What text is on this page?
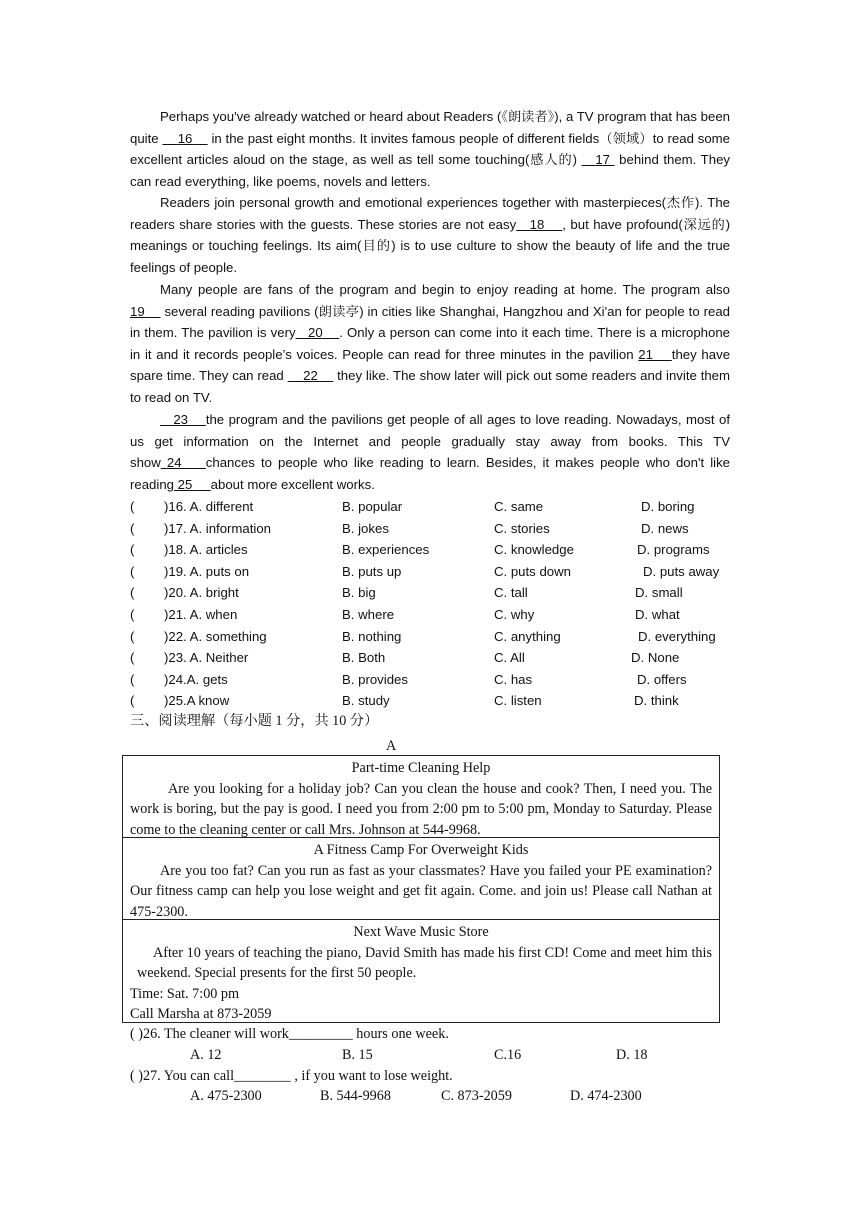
Perhaps you've already watched or heard about Readers (《朗读者》), a TV program that has been quite 16 in the past eight months. It invites famous people of different fields（领域）to read some excellent articles aloud on the stage, as well as tell some touching(感人的) 17 behind them. They can read everything, like poems, novels and letters.

Readers join personal growth and emotional experiences together with masterpieces(杰作). The readers share stories with the guests. These stories are not easy 18 , but have profound(深远的) meanings or touching feelings. Its aim(目的) is to use culture to show the beauty of life and the true feelings of people.

Many people are fans of the program and begin to enjoy reading at home. The program also 19 several reading pavilions (朗读亭) in cities like Shanghai, Hangzhou and Xi'an for people to read in them. The pavilion is very 20 . Only a person can come into it each time. There is a microphone in it and it records people’s voices. People can read for three minutes in the pavilion 21 they have spare time. They can read 22 they like. The show later will pick out some readers and invite them to read on TV.

23 the program and the pavilions get people of all ages to love reading. Nowadays, most of us get information on the Internet and people gradually stay away from books. This TV show 24 chances to people who like reading to learn. Besides, it makes people who don't like reading 25 about more excellent works.

( )16. A. different	B. popular	C. same	D. boring
( )17. A. information	B. jokes	C. stories	D. news
( )18. A. articles	B. experiences	C. knowledge	D. programs
( )19. A. puts on	B. puts up	C. puts down	D. puts away
( )20. A. bright	B. big	C. tall	D. small
( )21. A. when	B. where	C. why	D. what
( )22. A. something	B. nothing	C. anything	D. everything
( )23. A. Neither	B. Both	C. All	D. None
( )24.A. gets	B. provides	C. has	D. offers
( )25.A know	B. study	C. listen	D. think
三、阅读理解（每小题 1 分，共 10 分）
A
Part-time Cleaning Help

Are you looking for a holiday job? Can you clean the house and cook? Then, I need you. The work is boring, but the pay is good. I need you from 2:00 pm to 5:00 pm, Monday to Saturday. Please come to the cleaning center or call Mrs. Johnson at 544-9968.

A Fitness Camp For Overweight Kids

Are you too fat? Can you run as fast as your classmates? Have you failed your PE examination? Our fitness camp can help you lose weight and get fit again. Come. and join us! Please call Nathan at 475-2300.

Next Wave Music Store

After 10 years of teaching the piano, David Smith has made his first CD! Come and meet him this weekend. Special presents for the first 50 people.

Time: Sat. 7:00 pm
Call Marsha at 873-2059
( )26. The cleaner will work_________ hours one week.
A. 12	B. 15	C.16	D. 18
( )27. You can call________ , if you want to lose weight.
A. 475-2300	B. 544-9968	C. 873-2059	D. 474-2300
